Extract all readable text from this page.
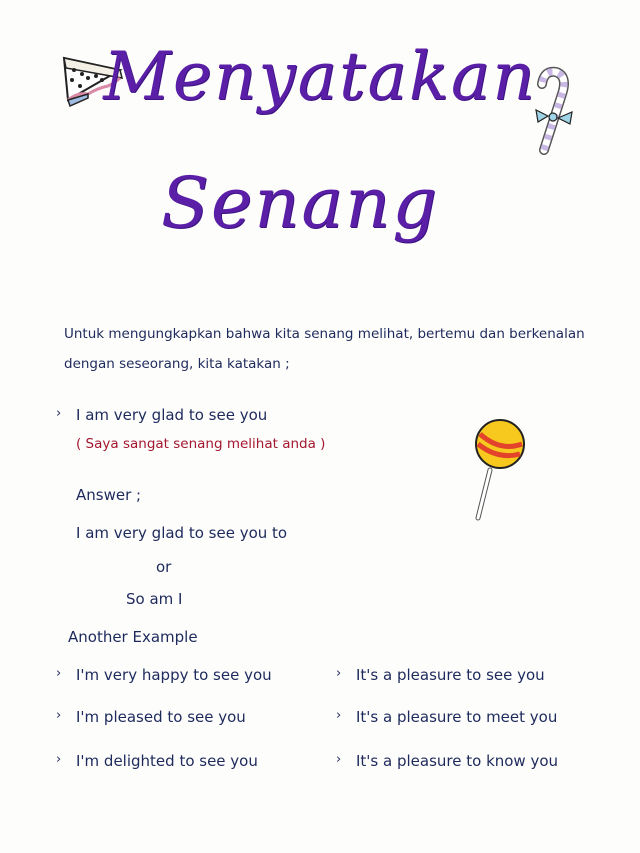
Menyatakan
Senang
Untuk mengungkapkan bahwa kita senang melihat, bertemu dan berkenalan
dengan seseorang, kita katakan ;
› I am very glad to see you
( Saya sangat senang melihat anda )
Answer ;
I am very glad to see you to
or
So am I
Another Example
› I'm very happy to see you
› I'm pleased to see you
› I'm delighted to see you
› It's a pleasure to see you
› It's a pleasure to meet you
› It's a pleasure to know you
